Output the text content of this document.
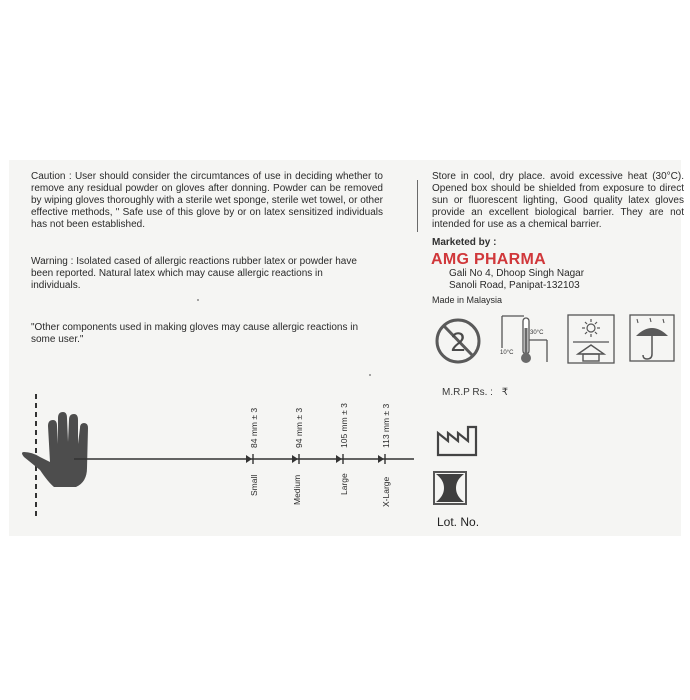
Caution : User should consider the circumtances of use in deciding whether to remove any residual powder on gloves after donning. Powder can be removed by wiping gloves thoroughly with a sterile wet sponge, sterile wet towel, or other effective methods, " Safe use of this glove by or on latex sensitized individuals has not been established.

Warning : Isolated cased of allergic reactions rubber latex or powder have been reported. Natural latex which may cause allergic reactions in individuals.

"Other components used in making gloves may cause allergic reactions in some user."

Store in cool, dry place. avoid excessive heat (30°C). Opened box should be shielded from exposure to direct sun or fluorescent lighting, Good quality latex gloves provide an excellent biological barrier. They are not intended for use as a chemical barrier.

Marketed by :
AMG PHARMA
Gali No 4, Dhoop Singh Nagar
Sanoli Road, Panipat-132103
Made in Malaysia
2	30°C
10°C
M.R.P Rs. : ₹
Lot. No.
84 mm ± 3
Small
94 mm ± 3
Medium
105 mm ± 3
Large
113 mm ± 3
X-Large
